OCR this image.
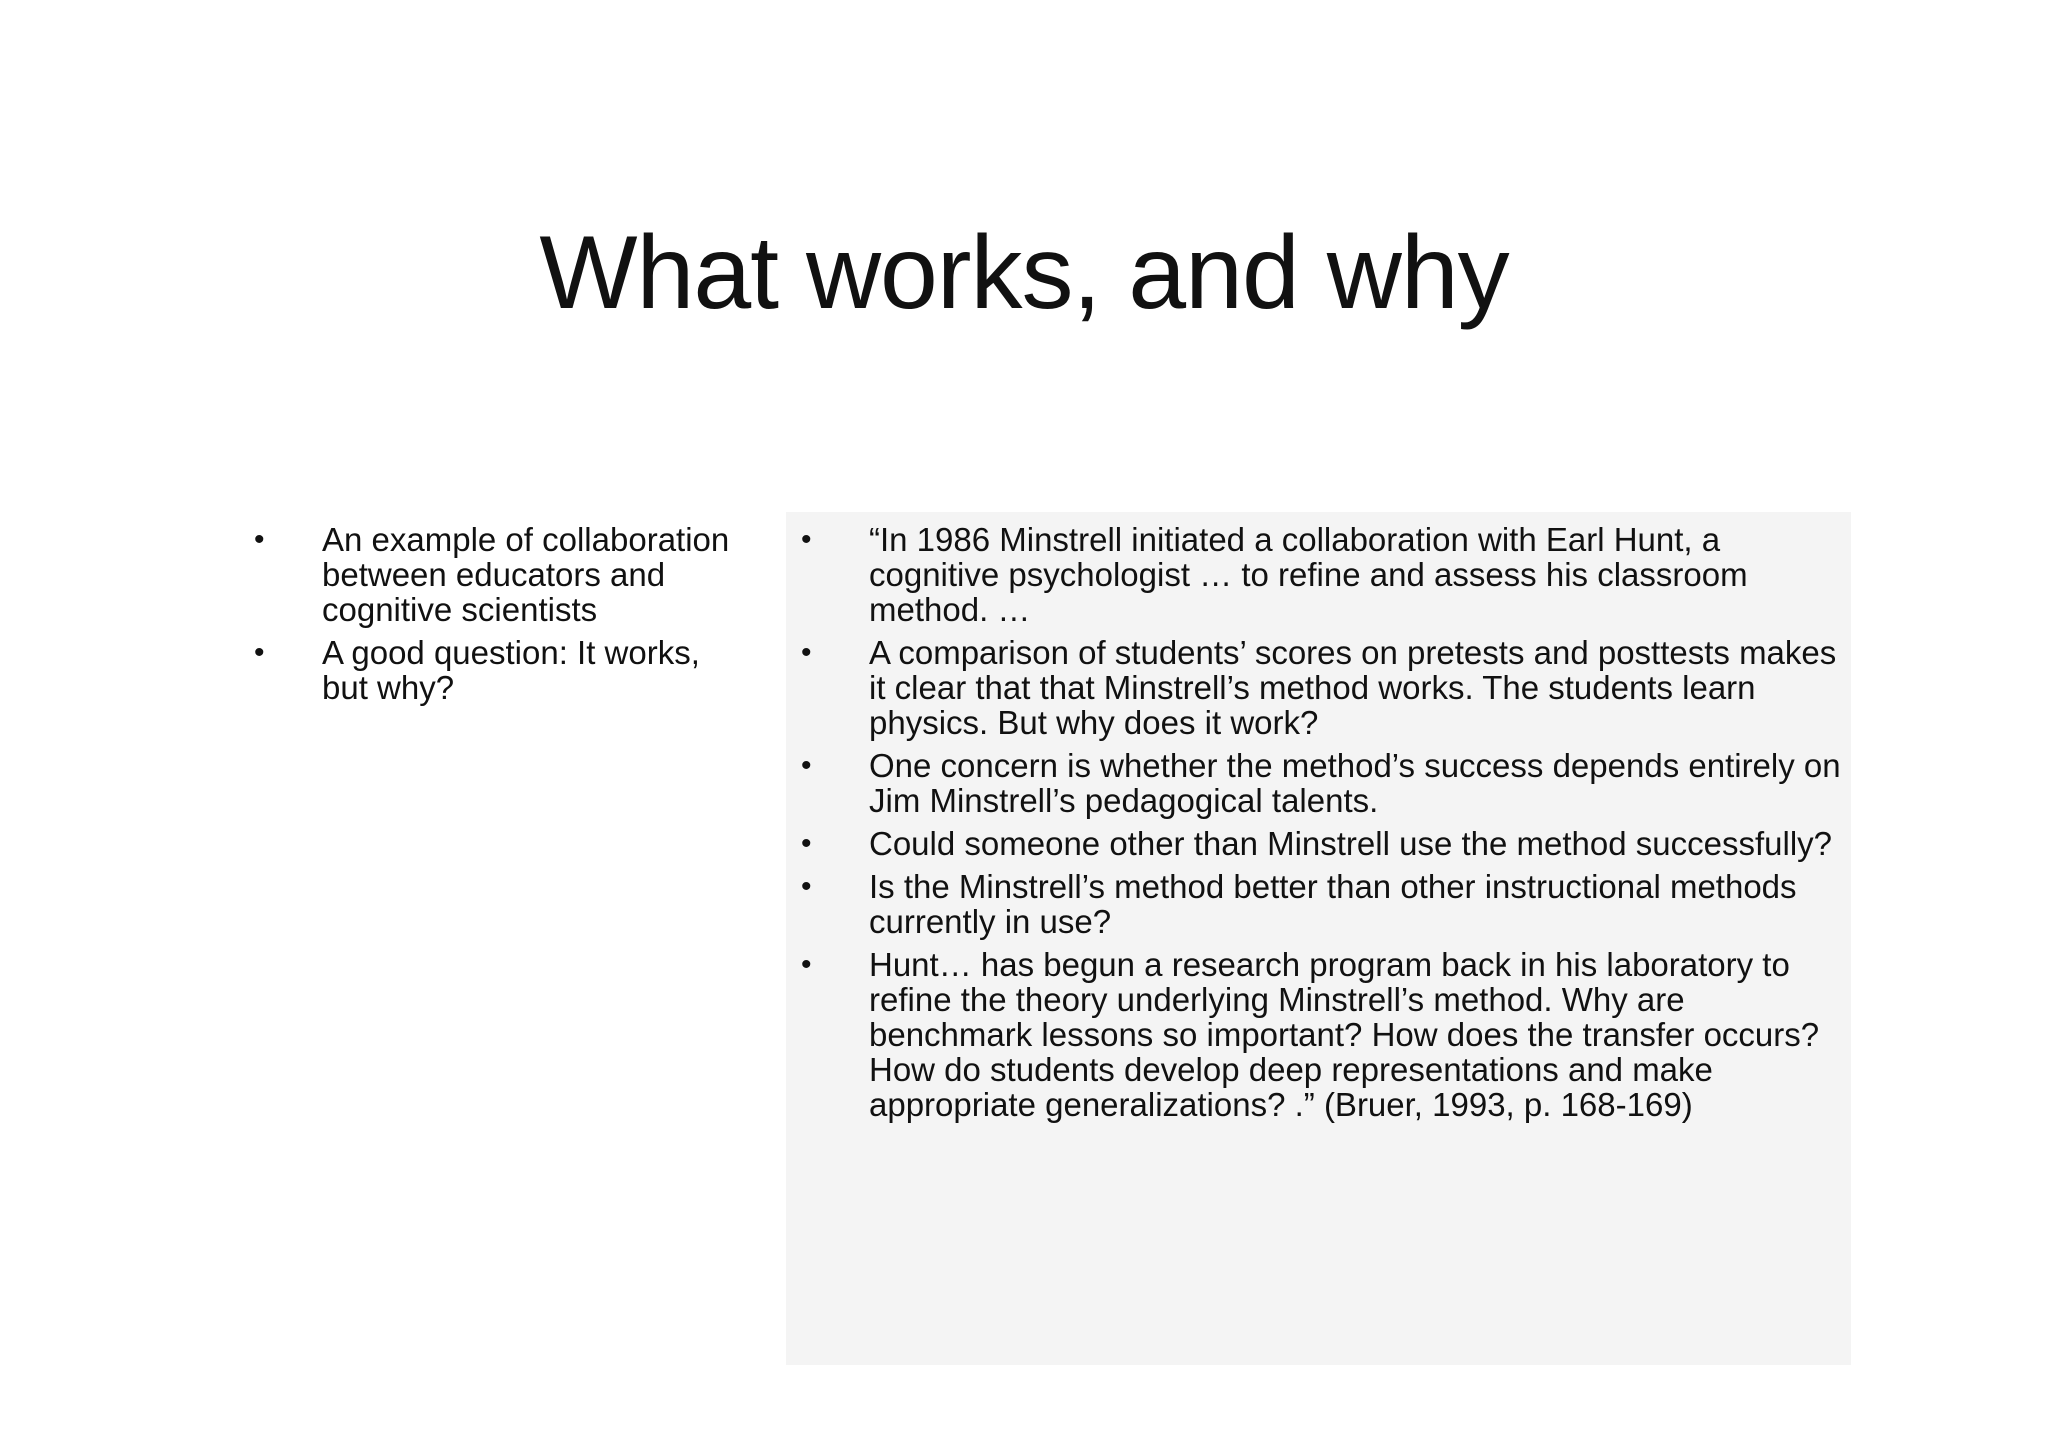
What works, and why
•	An example of collaboration between educators and cognitive scientists
•	A good question: It works, but why?
•	“In 1986 Minstrell initiated a collaboration with Earl Hunt, a cognitive psychologist … to refine and assess his classroom method. …
•	A comparison of students’ scores on pretests and posttests makes it clear that that Minstrell’s method works. The students learn physics. But why does it work?
•	One concern is whether the method’s success depends entirely on Jim Minstrell’s pedagogical talents.
•	Could someone other than Minstrell use the method successfully?
•	Is the Minstrell’s method better than other instructional methods currently in use?
•	Hunt… has begun a research program back in his laboratory to refine the theory underlying Minstrell’s method. Why are benchmark lessons so important? How does the transfer occurs? How do students develop deep representations and make appropriate generalizations? .” (Bruer, 1993, p. 168-169)
